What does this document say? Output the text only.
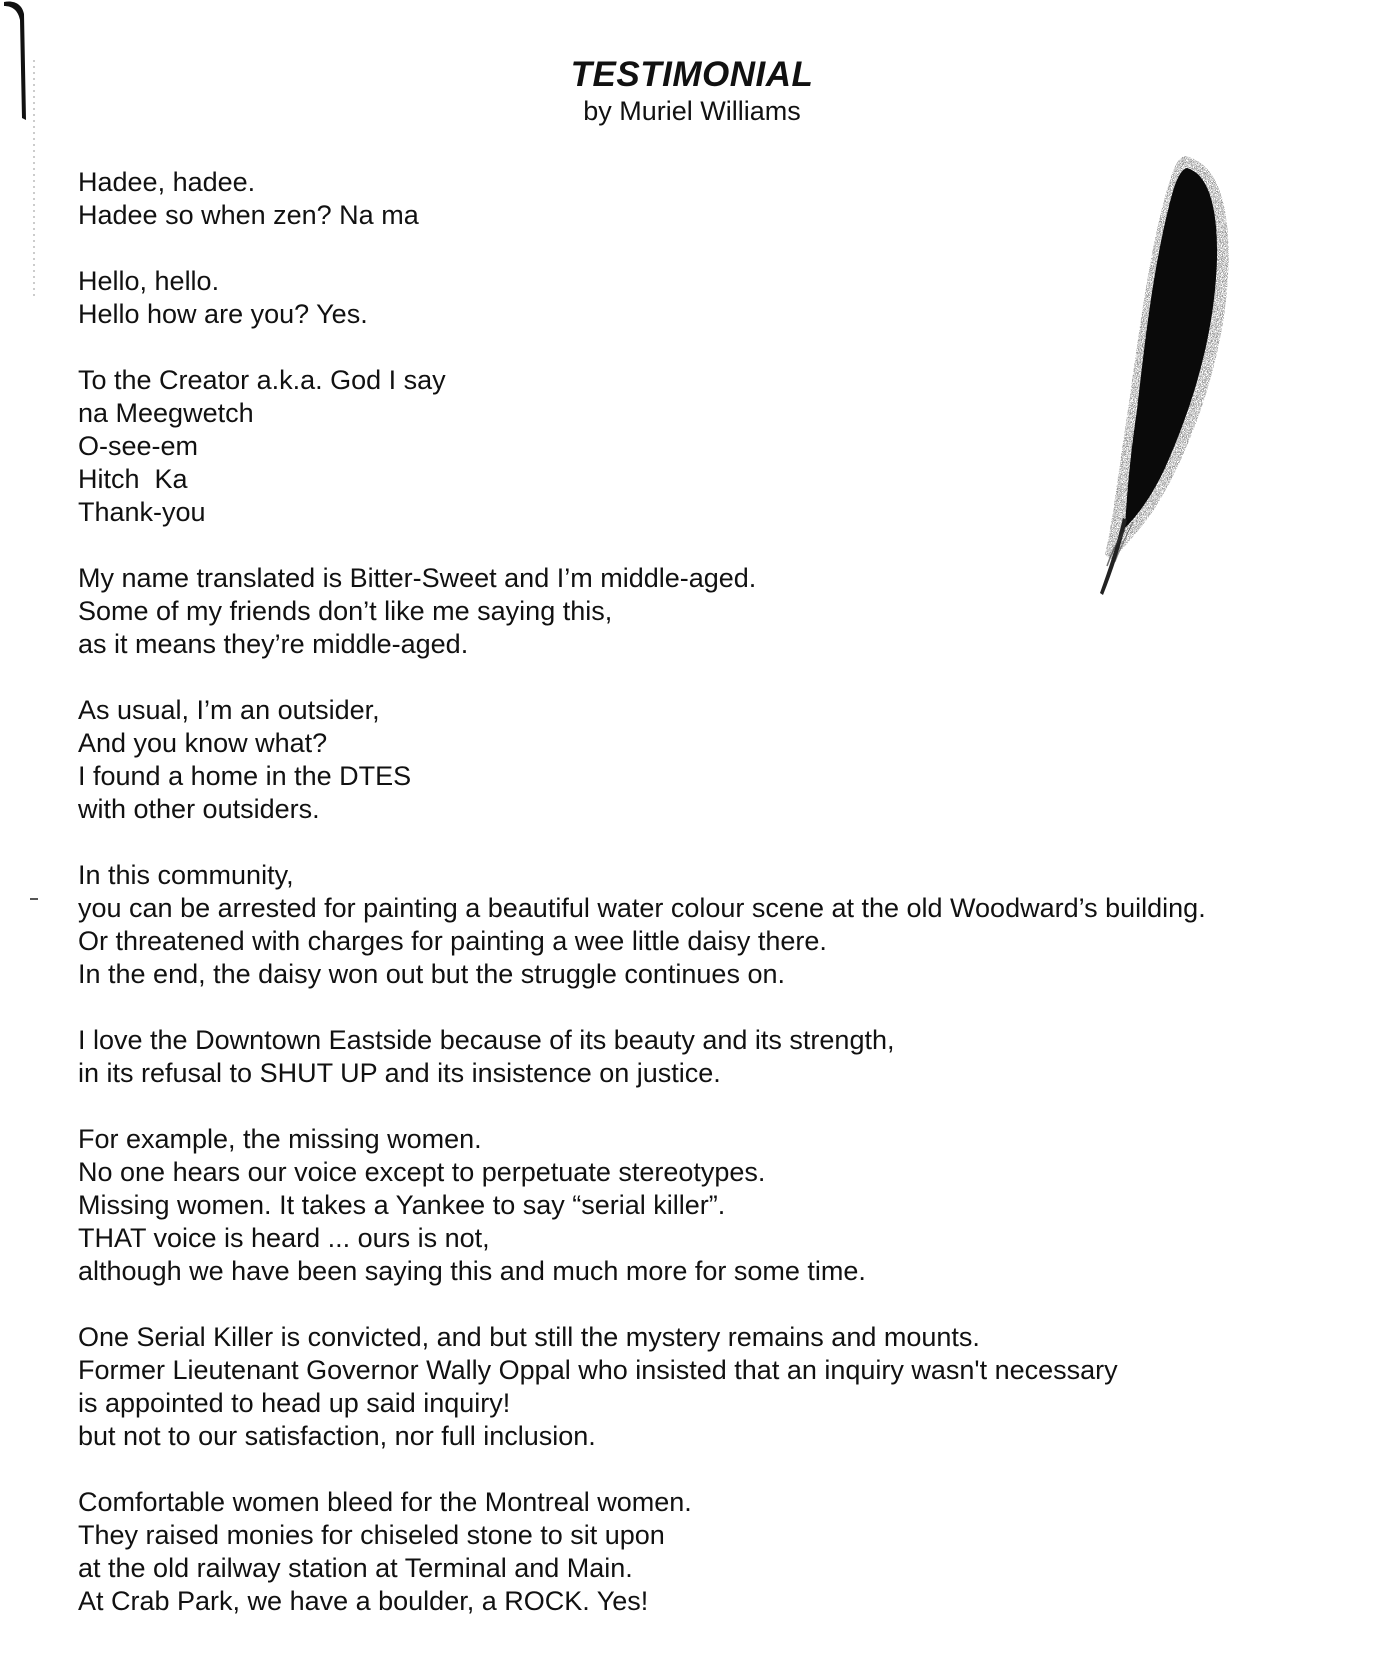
TESTIMONIAL

by Muriel Williams

Hadee, hadee.
Hadee so when zen? Na ma
Hello, hello.
Hello how are you? Yes.
To the Creator a.k.a. God I say
na Meegwetch
O-see-em
Hitch  Ka
Thank-you
My name translated is Bitter-Sweet and I’m middle-aged.
Some of my friends don’t like me saying this,
as it means they’re middle-aged.
As usual, I’m an outsider,
And you know what?
I found a home in the DTES
with other outsiders.
In this community,
you can be arrested for painting a beautiful water colour scene at the old Woodward’s building.
Or threatened with charges for painting a wee little daisy there.
In the end, the daisy won out but the struggle continues on.
I love the Downtown Eastside because of its beauty and its strength,
in its refusal to SHUT UP and its insistence on justice.
For example, the missing women.
No one hears our voice except to perpetuate stereotypes.
Missing women. It takes a Yankee to say “serial killer”.
THAT voice is heard ... ours is not,
although we have been saying this and much more for some time.
One Serial Killer is convicted, and but still the mystery remains and mounts.
Former Lieutenant Governor Wally Oppal who insisted that an inquiry wasn't necessary
is appointed to head up said inquiry!
but not to our satisfaction, nor full inclusion.
Comfortable women bleed for the Montreal women.
They raised monies for chiseled stone to sit upon
at the old railway station at Terminal and Main.
At Crab Park, we have a boulder, a ROCK. Yes!
